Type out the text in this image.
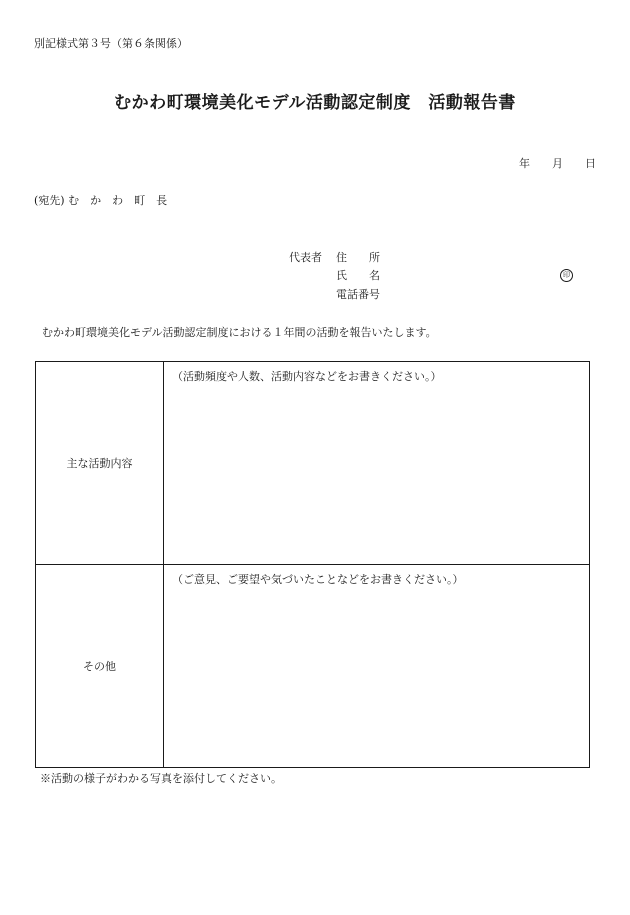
別記様式第３号（第６条関係）
むかわ町環境美化モデル活動認定制度　活動報告書
年 月 日
(宛先) む　か　わ　町　長
代表者 住　　所
氏　　名	印
電話番号
むかわ町環境美化モデル活動認定制度における１年間の活動を報告いたします。
主な活動内容
（活動頻度や人数、活動内容などをお書きください。）
その他
（ご意見、ご要望や気づいたことなどをお書きください。）
※活動の様子がわかる写真を添付してください。
